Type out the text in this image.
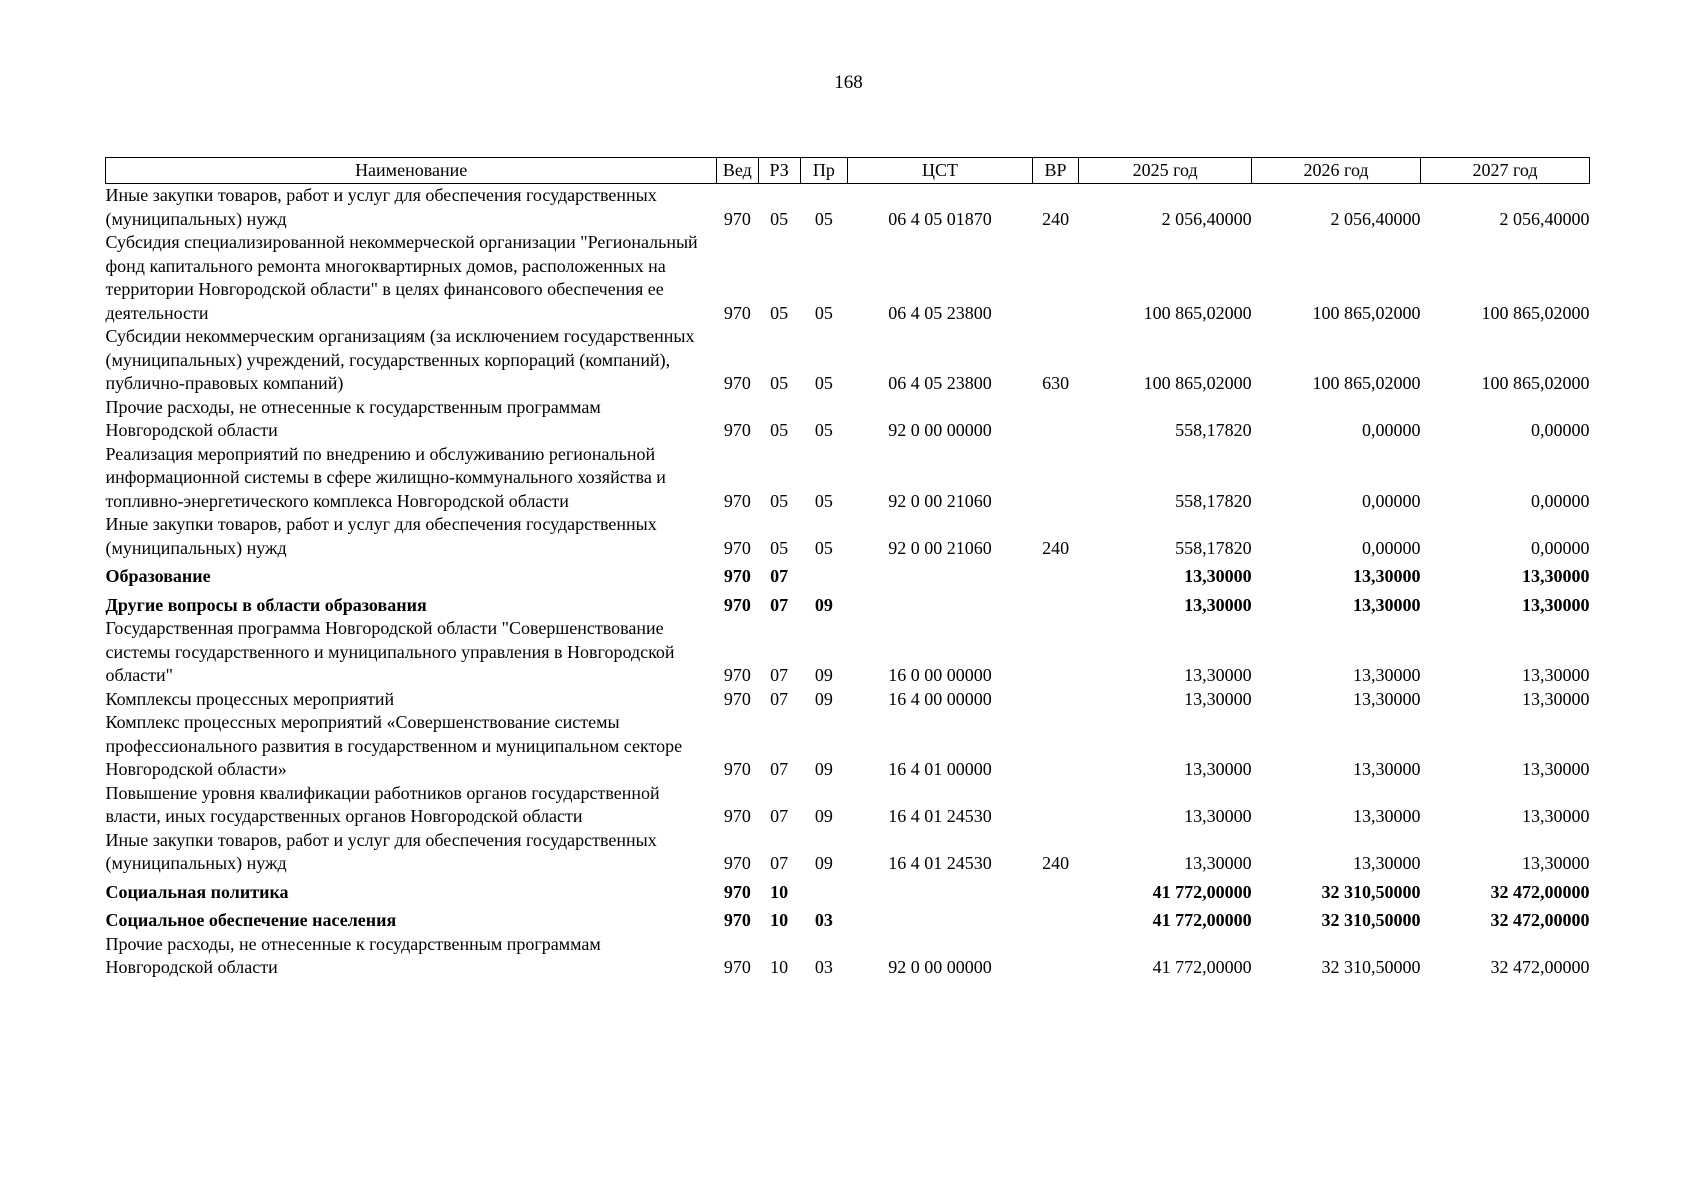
168
Наименование	Вед	РЗ	Пр	ЦСТ	ВР	2025 год	2026 год	2027 год
Иные закупки товаров, работ и услуг для обеспечения государственных (муниципальных) нужд	970	05	05	06 4 05 01870	240	2 056,40000	2 056,40000	2 056,40000
Субсидия специализированной некоммерческой организации "Региональный фонд капитального ремонта многоквартирных домов, расположенных на территории Новгородской области" в целях финансового обеспечения ее деятельности	970	05	05	06 4 05 23800		100 865,02000	100 865,02000	100 865,02000
Субсидии некоммерческим организациям (за исключением государственных (муниципальных) учреждений, государственных корпораций (компаний), публично-правовых компаний)	970	05	05	06 4 05 23800	630	100 865,02000	100 865,02000	100 865,02000
Прочие расходы, не отнесенные к государственным программам Новгородской области	970	05	05	92 0 00 00000		558,17820	0,00000	0,00000
Реализация мероприятий по внедрению и обслуживанию региональной информационной системы в сфере жилищно-коммунального хозяйства и топливно-энергетического комплекса Новгородской области	970	05	05	92 0 00 21060		558,17820	0,00000	0,00000
Иные закупки товаров, работ и услуг для обеспечения государственных (муниципальных) нужд	970	05	05	92 0 00 21060	240	558,17820	0,00000	0,00000
Образование	970	07				13,30000	13,30000	13,30000
Другие вопросы в области образования	970	07	09			13,30000	13,30000	13,30000
Государственная программа Новгородской области "Совершенствование системы государственного и муниципального управления в Новгородской области"	970	07	09	16 0 00 00000		13,30000	13,30000	13,30000
Комплексы процессных мероприятий	970	07	09	16 4 00 00000		13,30000	13,30000	13,30000
Комплекс процессных мероприятий «Совершенствование системы профессионального развития в государственном и муниципальном секторе Новгородской области»	970	07	09	16 4 01 00000		13,30000	13,30000	13,30000
Повышение уровня квалификации работников органов государственной власти, иных государственных органов Новгородской области	970	07	09	16 4 01 24530		13,30000	13,30000	13,30000
Иные закупки товаров, работ и услуг для обеспечения государственных (муниципальных) нужд	970	07	09	16 4 01 24530	240	13,30000	13,30000	13,30000
Социальная политика	970	10				41 772,00000	32 310,50000	32 472,00000
Социальное обеспечение населения	970	10	03			41 772,00000	32 310,50000	32 472,00000
Прочие расходы, не отнесенные к государственным программам Новгородской области	970	10	03	92 0 00 00000		41 772,00000	32 310,50000	32 472,00000
